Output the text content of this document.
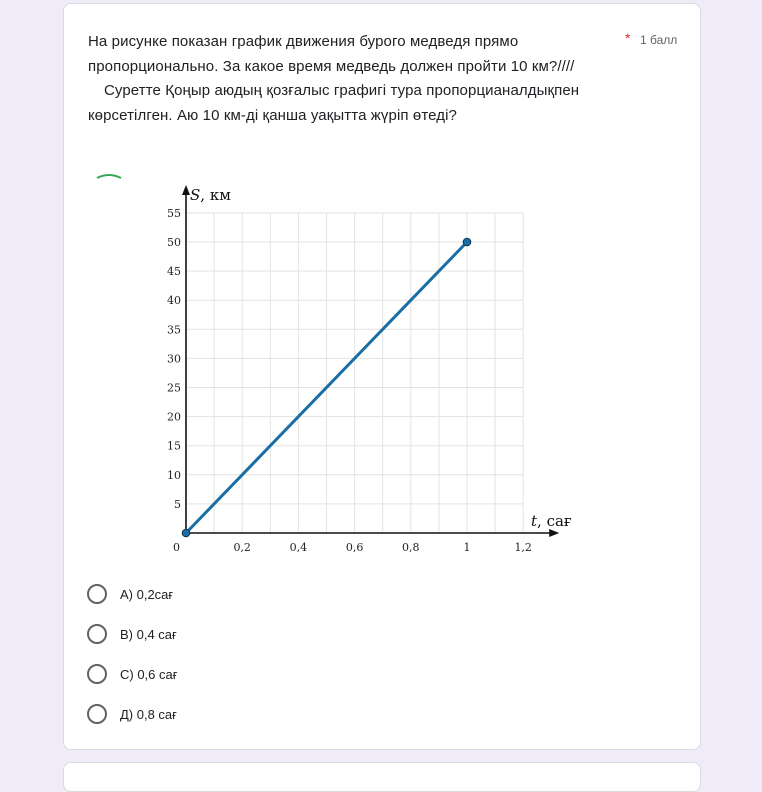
На рисунке показан график движения бурого медведя прямо пропорционально. За какое время медведь должен пройти 10 км?////

Суретте Қоңыр аюдың қозғалыс графигі тура пропорцианалдықпен көрсетілген. Аю 10 км-ді қанша уақытта жүріп өтеді?

* 1 балл
0,2	0,4	0,6	0,8	1	1,2
5
10
15
20
25
30
35
40
45
50
55
0
S, км
t, сағ
A) 0,2сағ
B) 0,4 сағ
C) 0,6 сағ
Д) 0,8 сағ
